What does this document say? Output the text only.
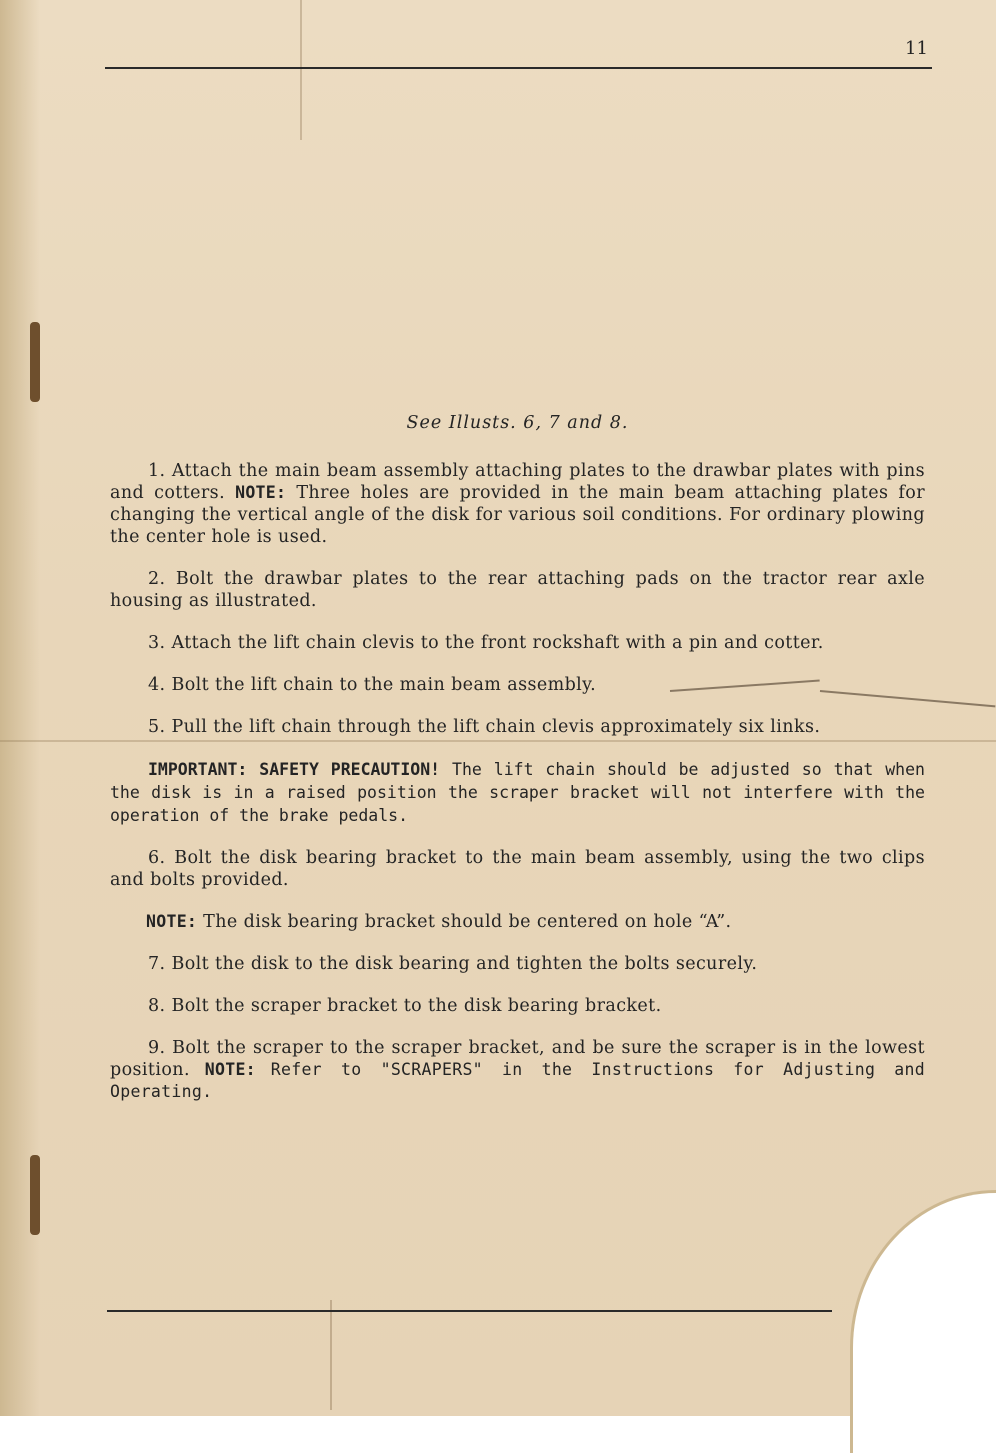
11

See Illusts. 6, 7 and 8.

1. Attach the main beam assembly attaching plates to the drawbar plates with pins and cotters. NOTE: Three holes are provided in the main beam attaching plates for changing the vertical angle of the disk for various soil conditions. For ordinary plowing the center hole is used.

2. Bolt the drawbar plates to the rear attaching pads on the tractor rear axle housing as illustrated.

3. Attach the lift chain clevis to the front rockshaft with a pin and cotter.

4. Bolt the lift chain to the main beam assembly.

5. Pull the lift chain through the lift chain clevis approximately six links.

IMPORTANT: SAFETY PRECAUTION! The lift chain should be adjusted so that when the disk is in a raised position the scraper bracket will not interfere with the operation of the brake pedals.

6. Bolt the disk bearing bracket to the main beam assembly, using the two clips and bolts provided.

NOTE: The disk bearing bracket should be centered on hole “A”.

7. Bolt the disk to the disk bearing and tighten the bolts securely.

8. Bolt the scraper bracket to the disk bearing bracket.

9. Bolt the scraper to the scraper bracket, and be sure the scraper is in the lowest position. NOTE: Refer to "SCRAPERS" in the Instructions for Adjusting and Operating.
